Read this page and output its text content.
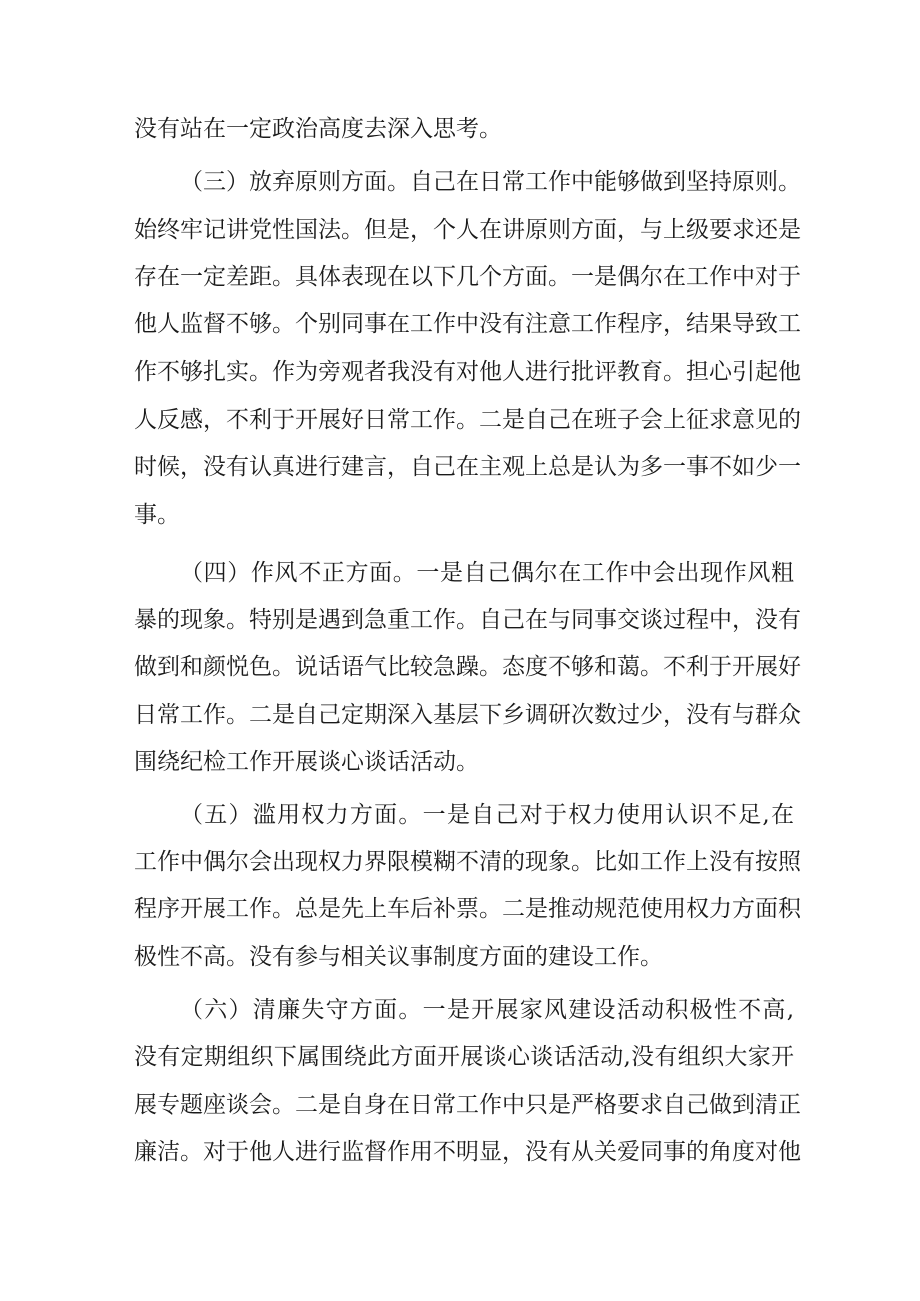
没有站在一定政治高度去深入思考。
（三）放弃原则方面。自己在日常工作中能够做到坚持原则。
始终牢记讲党性国法。但是，个人在讲原则方面，与上级要求还是
存在一定差距。具体表现在以下几个方面。一是偶尔在工作中对于
他人监督不够。个别同事在工作中没有注意工作程序，结果导致工
作不够扎实。作为旁观者我没有对他人进行批评教育。担心引起他
人反感，不利于开展好日常工作。二是自己在班子会上征求意见的
时候，没有认真进行建言，自己在主观上总是认为多一事不如少一
事。
（四）作风不正方面。一是自己偶尔在工作中会出现作风粗
暴的现象。特别是遇到急重工作。自己在与同事交谈过程中，没有
做到和颜悦色。说话语气比较急躁。态度不够和蔼。不利于开展好
日常工作。二是自己定期深入基层下乡调研次数过少，没有与群众
围绕纪检工作开展谈心谈话活动。
（五）滥用权力方面。一是自己对于权力使用认识不足,在
工作中偶尔会出现权力界限模糊不清的现象。比如工作上没有按照
程序开展工作。总是先上车后补票。二是推动规范使用权力方面积
极性不高。没有参与相关议事制度方面的建设工作。
（六）清廉失守方面。一是开展家风建设活动积极性不高,
没有定期组织下属围绕此方面开展谈心谈话活动,没有组织大家开
展专题座谈会。二是自身在日常工作中只是严格要求自己做到清正
廉洁。对于他人进行监督作用不明显，没有从关爱同事的角度对他
